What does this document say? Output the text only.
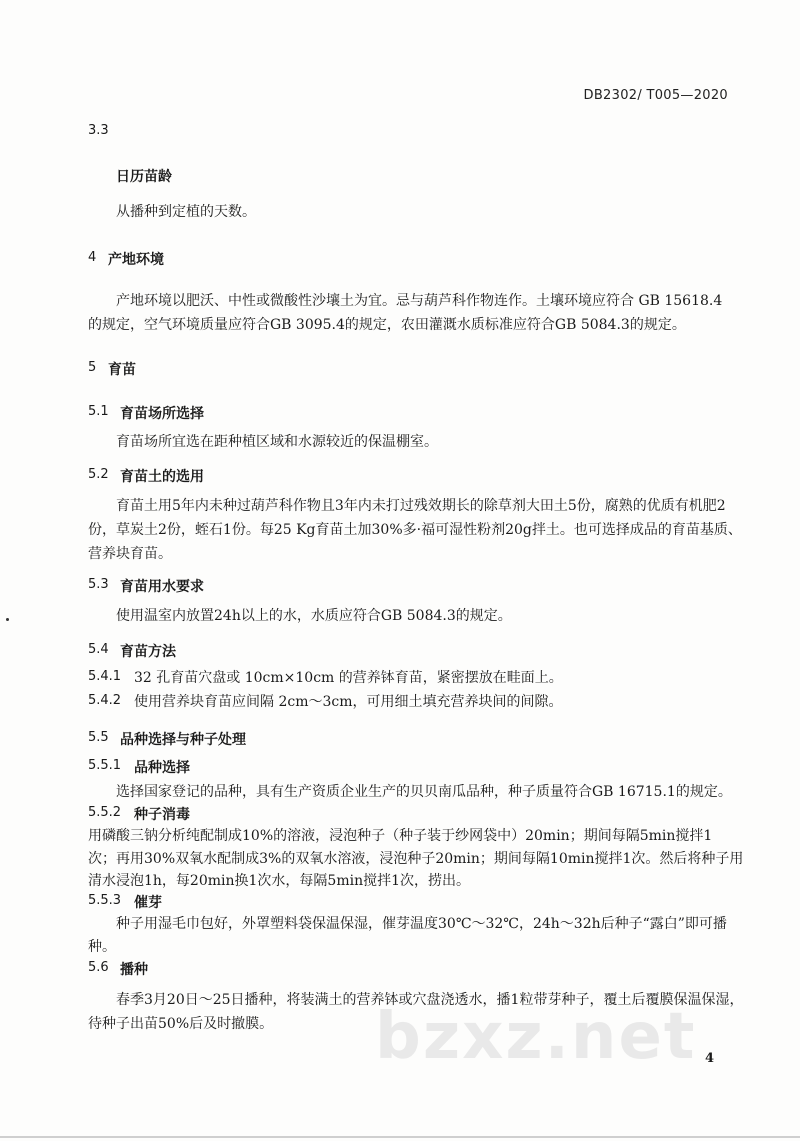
DB2302/ T005—2020
3.3
日历苗龄
从播种到定植的天数。
4 产地环境
产地环境以肥沃、中性或微酸性沙壤土为宜。忌与葫芦科作物连作。土壤环境应符合 GB 15618.4
的规定，空气环境质量应符合GB 3095.4的规定，农田灌溉水质标准应符合GB 5084.3的规定。
5 育苗
5.1 育苗场所选择
育苗场所宜选在距种植区域和水源较近的保温棚室。
5.2 育苗土的选用
育苗土用5年内未种过葫芦科作物且3年内未打过残效期长的除草剂大田土5份，腐熟的优质有机肥2
份，草炭土2份，蛭石1份。每25 Kg育苗土加30%多·福可湿性粉剂20g拌土。也可选择成品的育苗基质、
营养块育苗。
5.3 育苗用水要求
使用温室内放置24h以上的水，水质应符合GB 5084.3的规定。
5.4 育苗方法
5.4.1 32 孔育苗穴盘或 10cm×10cm 的营养钵育苗，紧密摆放在畦面上。
5.4.2 使用营养块育苗应间隔 2cm～3cm，可用细土填充营养块间的间隙。
5.5 品种选择与种子处理
5.5.1 品种选择
选择国家登记的品种，具有生产资质企业生产的贝贝南瓜品种，种子质量符合GB 16715.1的规定。
5.5.2 种子消毒
用磷酸三钠分析纯配制成10%的溶液，浸泡种子（种子装于纱网袋中）20min；期间每隔5min搅拌1
次；再用30%双氧水配制成3%的双氧水溶液，浸泡种子20min；期间每隔10min搅拌1次。然后将种子用
清水浸泡1h，每20min换1次水，每隔5min搅拌1次，捞出。
5.5.3 催芽
种子用湿毛巾包好，外罩塑料袋保温保湿，催芽温度30℃～32℃，24h～32h后种子“露白”即可播
种。
5.6 播种
春季3月20日～25日播种，将装满土的营养钵或穴盘浇透水，播1粒带芽种子，覆土后覆膜保温保湿，
待种子出苗50%后及时撤膜。 bzxz.net 4
